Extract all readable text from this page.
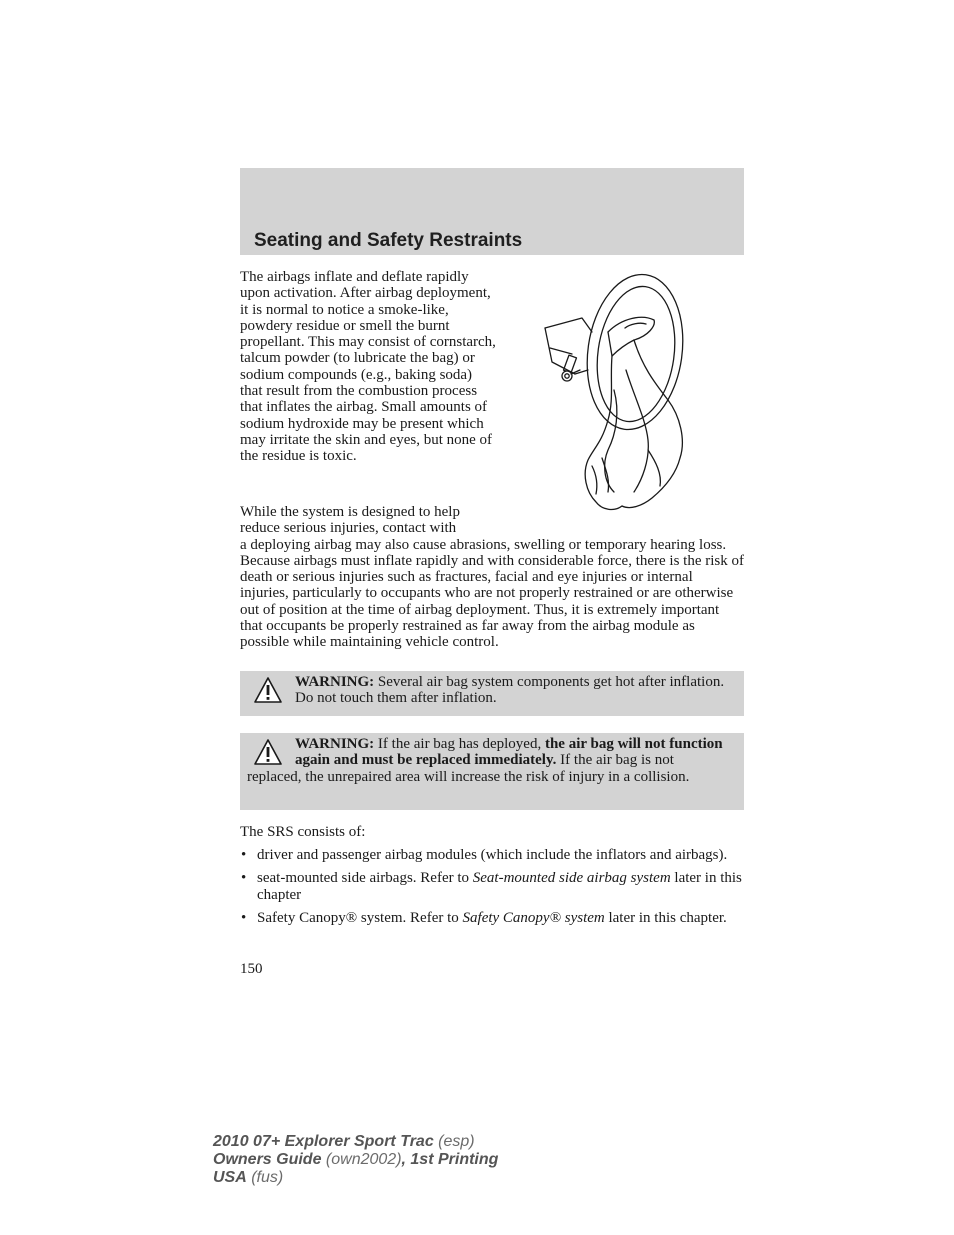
Seating and Safety Restraints
The airbags inflate and deflate rapidly upon activation. After airbag deployment, it is normal to notice a smoke-like, powdery residue or smell the burnt propellant. This may consist of cornstarch, talcum powder (to lubricate the bag) or sodium compounds (e.g., baking soda) that result from the combustion process that inflates the airbag. Small amounts of sodium hydroxide may be present which may irritate the skin and eyes, but none of the residue is toxic.
While the system is designed to help
reduce serious injuries, contact with
a deploying airbag may also cause abrasions, swelling or temporary hearing loss. Because airbags must inflate rapidly and with considerable force, there is the risk of death or serious injuries such as fractures, facial and eye injuries or internal injuries, particularly to occupants who are not properly restrained or are otherwise out of position at the time of airbag deployment. Thus, it is extremely important that occupants be properly restrained as far away from the airbag module as possible while maintaining vehicle control.
WARNING: Several air bag system components get hot after inflation. Do not touch them after inflation.
WARNING: If the air bag has deployed, the air bag will not function again and must be replaced immediately. If the air bag is not replaced, the unrepaired area will increase the risk of injury in a collision.
The SRS consists of:
• driver and passenger airbag modules (which include the inflators and airbags).
• seat-mounted side airbags. Refer to Seat-mounted side airbag system later in this chapter
• Safety Canopy® system. Refer to Safety Canopy® system later in this chapter.
150
2010 07+ Explorer Sport Trac (esp)
Owners Guide (own2002), 1st Printing
USA (fus)
